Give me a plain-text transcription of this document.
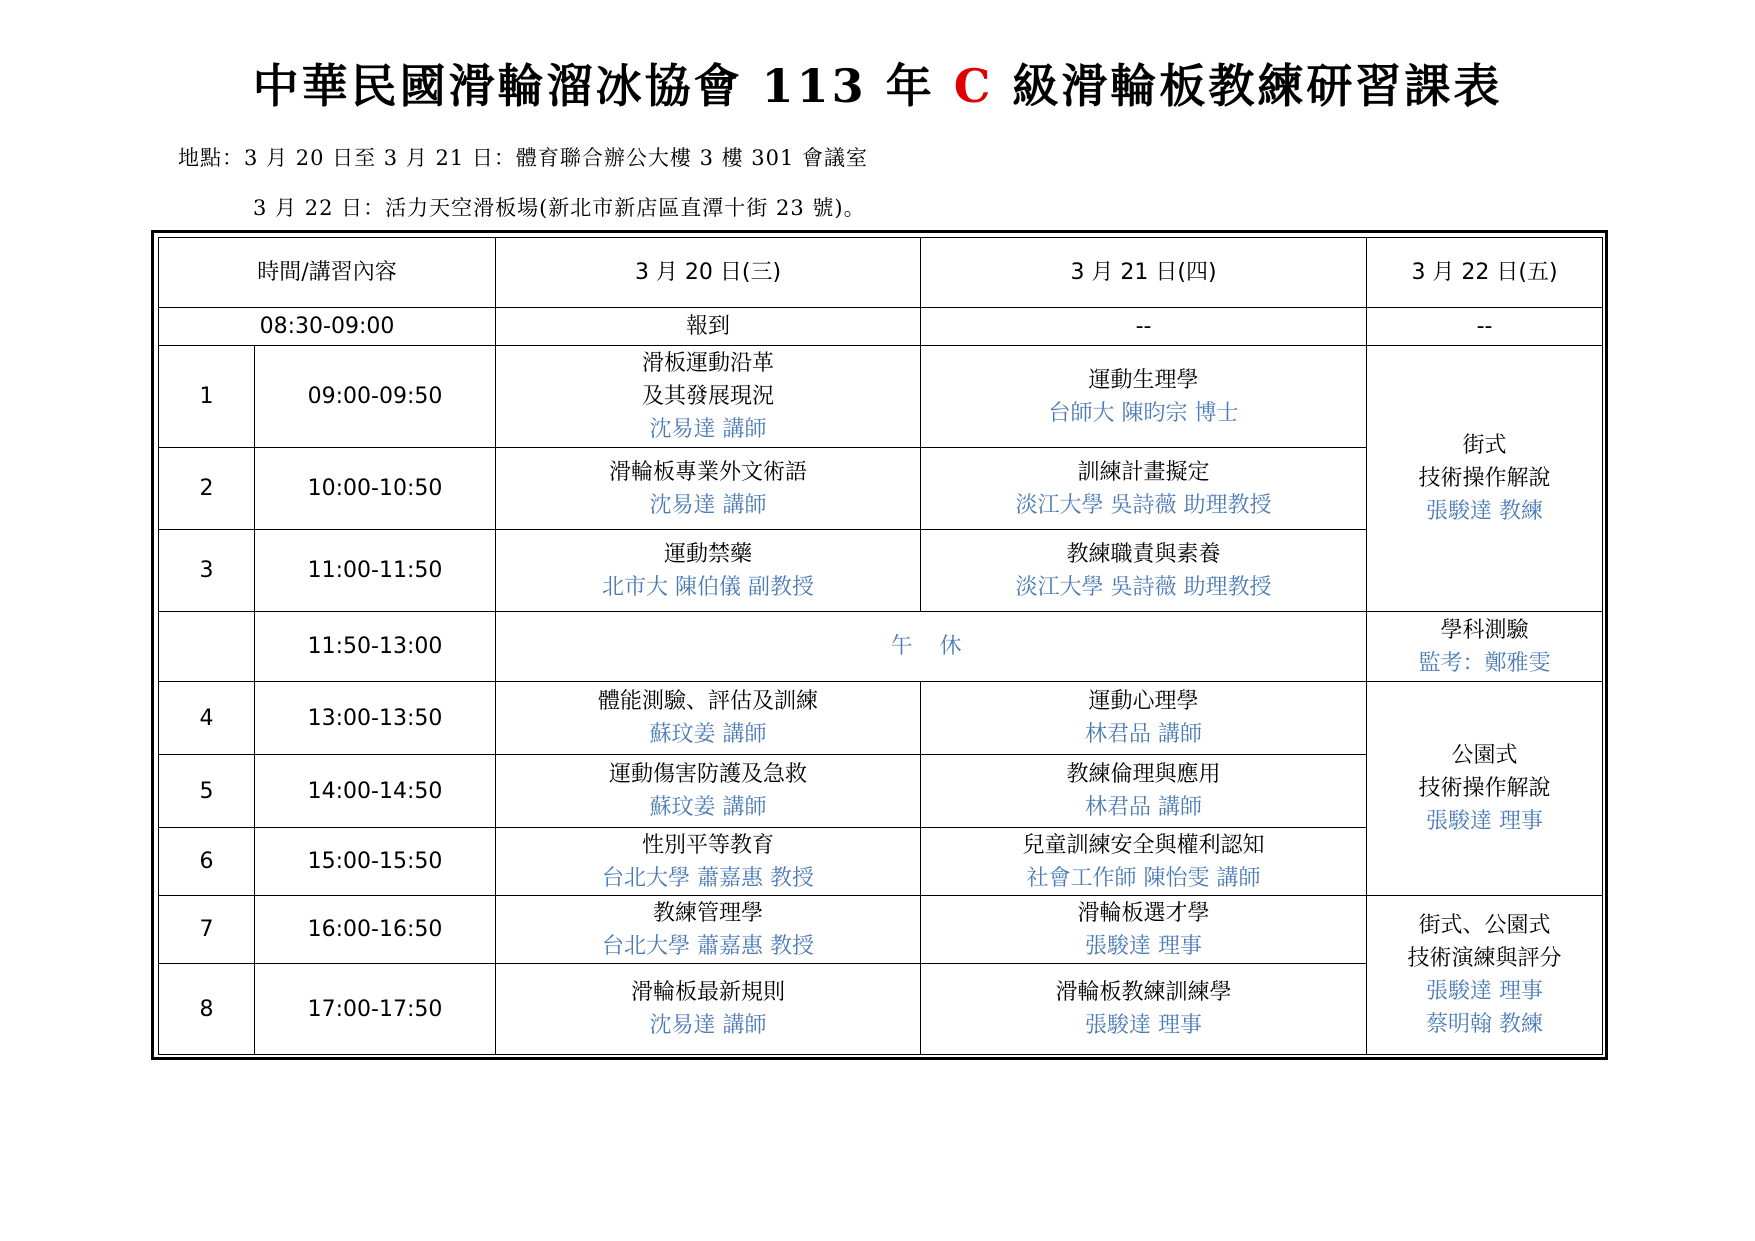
中華民國滑輪溜冰協會 113 年 C 級滑輪板教練研習課表
地點：3 月 20 日至 3 月 21 日：體育聯合辦公大樓 3 樓 301 會議室
3 月 22 日：活力天空滑板場(新北市新店區直潭十街 23 號)。
時間/講習內容		3 月 20 日(三)	3 月 21 日(四)	3 月 22 日(五)
08:30-09:00		報到	--	--
1	09:00-09:50	滑板運動沿革
及其發展現況
沈易達 講師	運動生理學
台師大 陳昀宗 博士	街式
技術操作解說
張駿達 教練

2	10:00-10:50	滑輪板專業外文術語
沈易達 講師	訓練計畫擬定
淡江大學 吳詩薇 助理教授	

3	11:00-11:50	運動禁藥
北市大 陳伯儀 副教授	教練職責與素養
淡江大學 吳詩薇 助理教授	

	11:50-13:00	午 休		學科測驗
監考：鄭雅雯

4	13:00-13:50	體能測驗、評估及訓練
蘇玟姜 講師	運動心理學
林君品 講師	公園式
技術操作解說
張駿達 理事

5	14:00-14:50	運動傷害防護及急救
蘇玟姜 講師	教練倫理與應用
林君品 講師	

6	15:00-15:50	性別平等教育
台北大學 蕭嘉惠 教授	兒童訓練安全與權利認知
社會工作師 陳怡雯 講師	

7	16:00-16:50	教練管理學
台北大學 蕭嘉惠 教授	滑輪板選才學
張駿達 理事	街式、公園式
技術演練與評分
張駿達 理事
蔡明翰 教練

8	17:00-17:50	滑輪板最新規則
沈易達 講師	滑輪板教練訓練學
張駿達 理事	
